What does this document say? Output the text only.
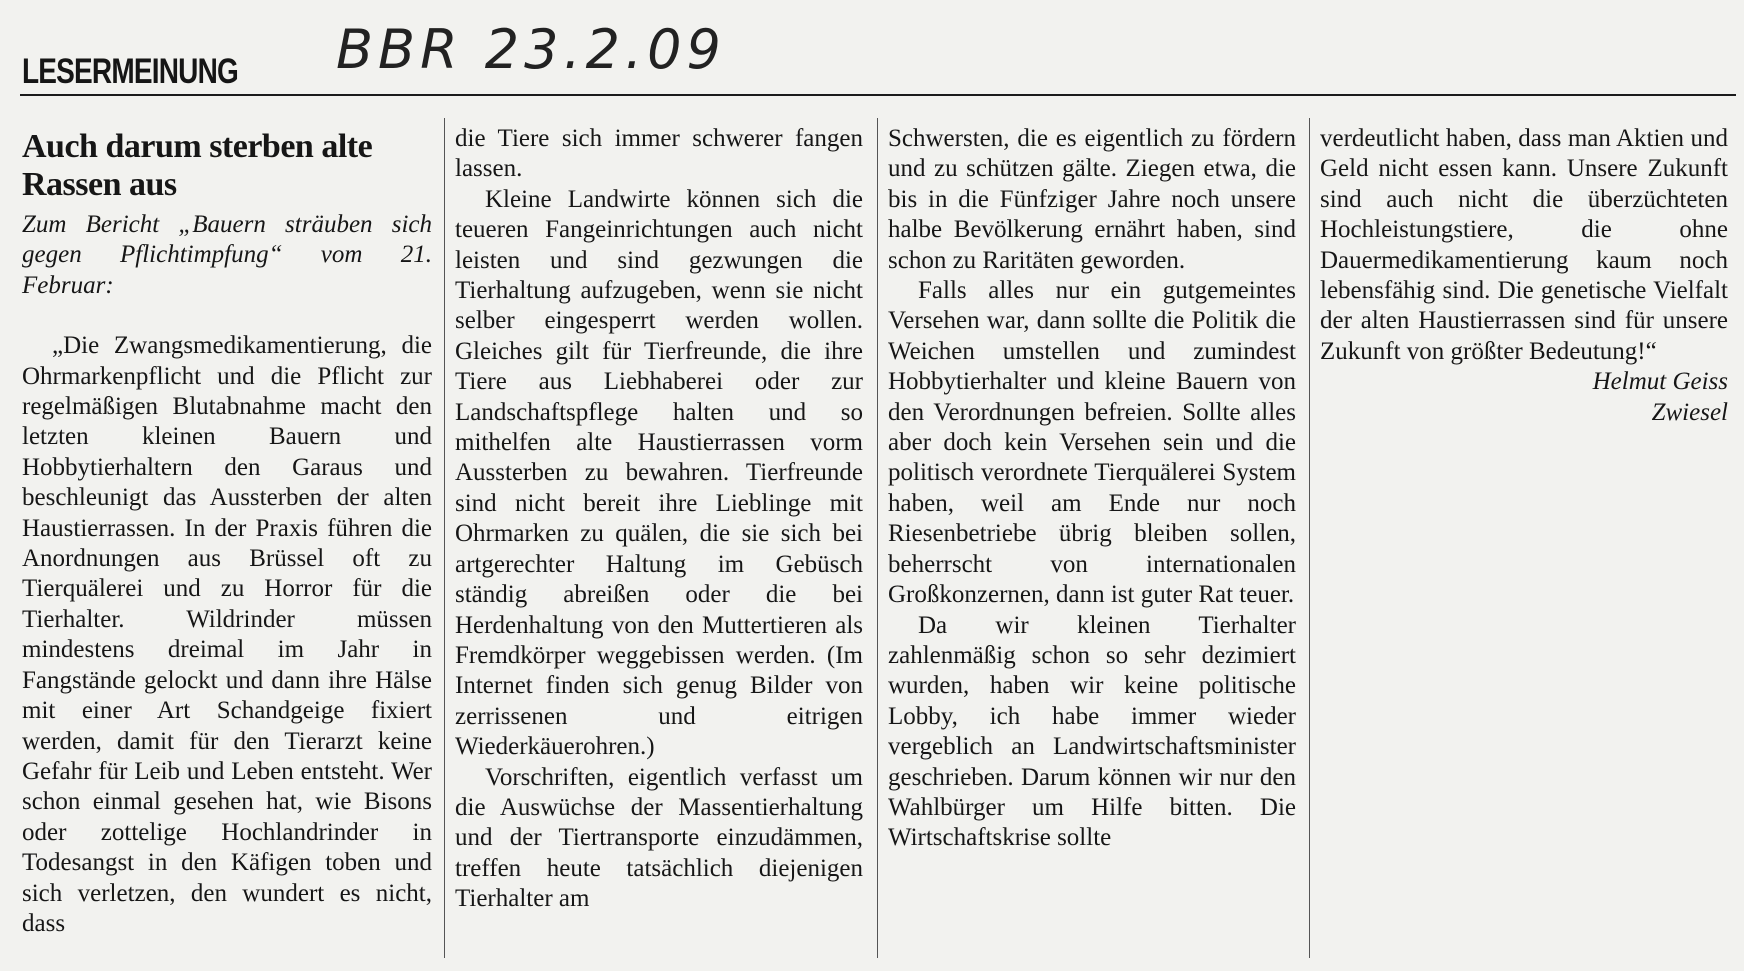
LESERMEINUNG BBR 23.2.09
Auch darum sterben alte Rassen aus
Zum Bericht „Bauern sträuben sich gegen Pflichtimpfung“ vom 21. Februar:

„Die Zwangsmedikamentierung, die Ohrmarkenpflicht und die Pflicht zur regelmäßigen Blutabnahme macht den letzten kleinen Bauern und Hobbytierhaltern den Garaus und beschleunigt das Aussterben der alten Haustierrassen. In der Praxis führen die Anordnungen aus Brüssel oft zu Tierquälerei und zu Horror für die Tierhalter. Wildrinder müssen mindestens dreimal im Jahr in Fangstände gelockt und dann ihre Hälse mit einer Art Schandgeige fixiert werden, damit für den Tierarzt keine Gefahr für Leib und Leben entsteht. Wer schon einmal gesehen hat, wie Bisons oder zottelige Hochlandrinder in Todesangst in den Käfigen toben und sich verletzen, den wundert es nicht, dass

die Tiere sich immer schwerer fangen lassen.

Kleine Landwirte können sich die teueren Fangeinrichtungen auch nicht leisten und sind gezwungen die Tierhaltung aufzugeben, wenn sie nicht selber eingesperrt werden wollen. Gleiches gilt für Tierfreunde, die ihre Tiere aus Liebhaberei oder zur Landschaftspflege halten und so mithelfen alte Haustierrassen vorm Aussterben zu bewahren. Tierfreunde sind nicht bereit ihre Lieblinge mit Ohrmarken zu quälen, die sie sich bei artgerechter Haltung im Gebüsch ständig abreißen oder die bei Herdenhaltung von den Muttertieren als Fremdkörper weggebissen werden. (Im Internet finden sich genug Bilder von zerrissenen und eitrigen Wiederkäuerohren.)

Vorschriften, eigentlich verfasst um die Auswüchse der Massentierhaltung und der Tiertransporte einzudämmen, treffen heute tatsächlich diejenigen Tierhalter am

Schwersten, die es eigentlich zu fördern und zu schützen gälte. Ziegen etwa, die bis in die Fünfziger Jahre noch unsere halbe Bevölkerung ernährt haben, sind schon zu Raritäten geworden.

Falls alles nur ein gutgemeintes Versehen war, dann sollte die Politik die Weichen umstellen und zumindest Hobbytierhalter und kleine Bauern von den Verordnungen befreien. Sollte alles aber doch kein Versehen sein und die politisch verordnete Tierquälerei System haben, weil am Ende nur noch Riesenbetriebe übrig bleiben sollen, beherrscht von internationalen Großkonzernen, dann ist guter Rat teuer.

Da wir kleinen Tierhalter zahlenmäßig schon so sehr dezimiert wurden, haben wir keine politische Lobby, ich habe immer wieder vergeblich an Landwirtschaftsminister geschrieben. Darum können wir nur den Wahlbürger um Hilfe bitten. Die Wirtschaftskrise sollte

verdeutlicht haben, dass man Aktien und Geld nicht essen kann. Unsere Zukunft sind auch nicht die überzüchteten Hochleistungstiere, die ohne Dauermedikamentierung kaum noch lebensfähig sind. Die genetische Vielfalt der alten Haustierrassen sind für unsere Zukunft von größter Bedeutung!“

Helmut Geiss
Zwiesel
